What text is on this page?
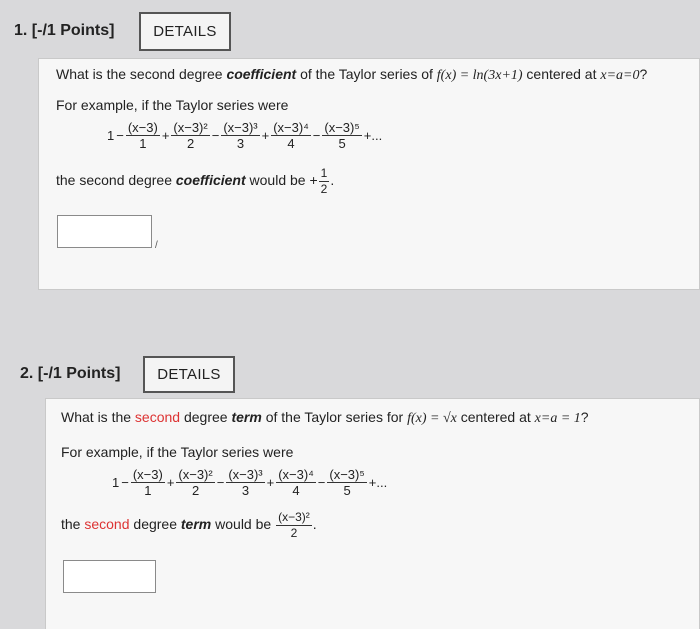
1. [-/1 Points]	DETAILS
What is the second degree coefficient of the Taylor series of f(x) = ln(3x+1) centered at x=a=0?
For example, if the Taylor series were
$1 - \frac{(x-3)}{1} + \frac{\text{(x−3)²}}{2} - \frac{\text{(x−3)³}}{3} + \frac{\text{(x−3)⁴}}{4} - \frac{\text{(x−3)⁵}}{5}$ +...
the second degree coefficient would be + $\frac{1}{2}$ .
/
2. [-/1 Points]	DETAILS
What is the second degree term of the Taylor series for f(x) = √x centered at x=a = 1?
For example, if the Taylor series were
$1 - \frac{(x-3)}{1} + \frac{\text{(x−3)²}}{2} - \frac{\text{(x−3)³}}{3} + \frac{\text{(x−3)⁴}}{4} - \frac{\text{(x−3)⁵}}{5}$ +...
the second degree term would be $\frac{\text{(x−3)²}}{2}$ .
